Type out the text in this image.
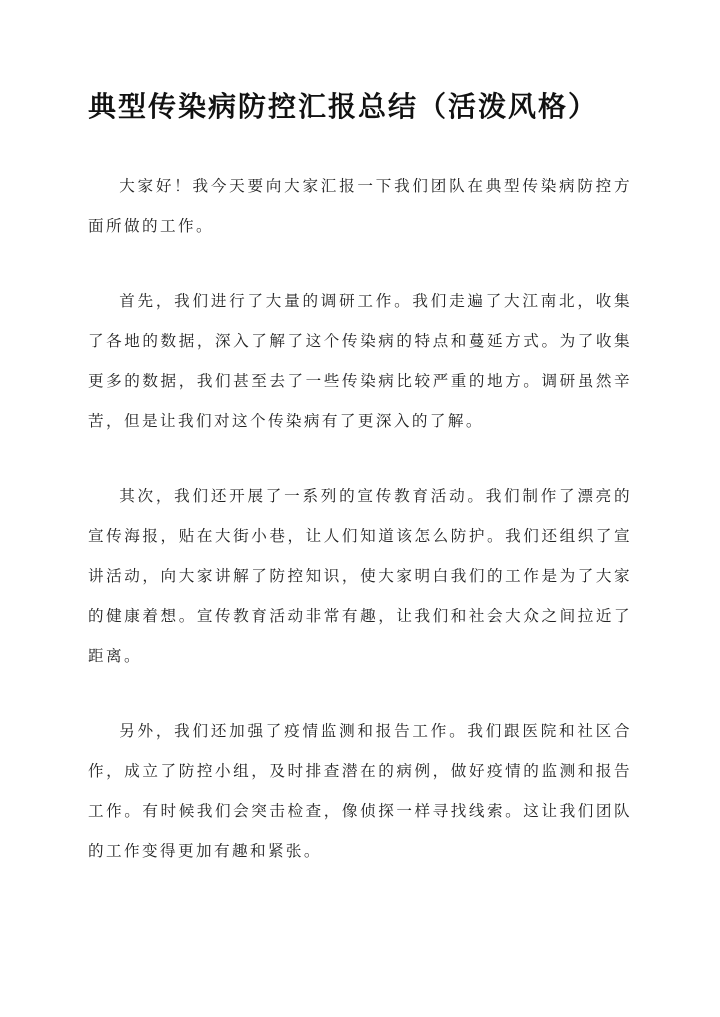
典型传染病防控汇报总结（活泼风格）

大家好！我今天要向大家汇报一下我们团队在典型传染病防控方面所做的工作。

首先，我们进行了大量的调研工作。我们走遍了大江南北，收集了各地的数据，深入了解了这个传染病的特点和蔓延方式。为了收集更多的数据，我们甚至去了一些传染病比较严重的地方。调研虽然辛苦，但是让我们对这个传染病有了更深入的了解。

其次，我们还开展了一系列的宣传教育活动。我们制作了漂亮的宣传海报，贴在大街小巷，让人们知道该怎么防护。我们还组织了宣讲活动，向大家讲解了防控知识，使大家明白我们的工作是为了大家的健康着想。宣传教育活动非常有趣，让我们和社会大众之间拉近了距离。

另外，我们还加强了疫情监测和报告工作。我们跟医院和社区合作，成立了防控小组，及时排查潜在的病例，做好疫情的监测和报告工作。有时候我们会突击检查，像侦探一样寻找线索。这让我们团队的工作变得更加有趣和紧张。
